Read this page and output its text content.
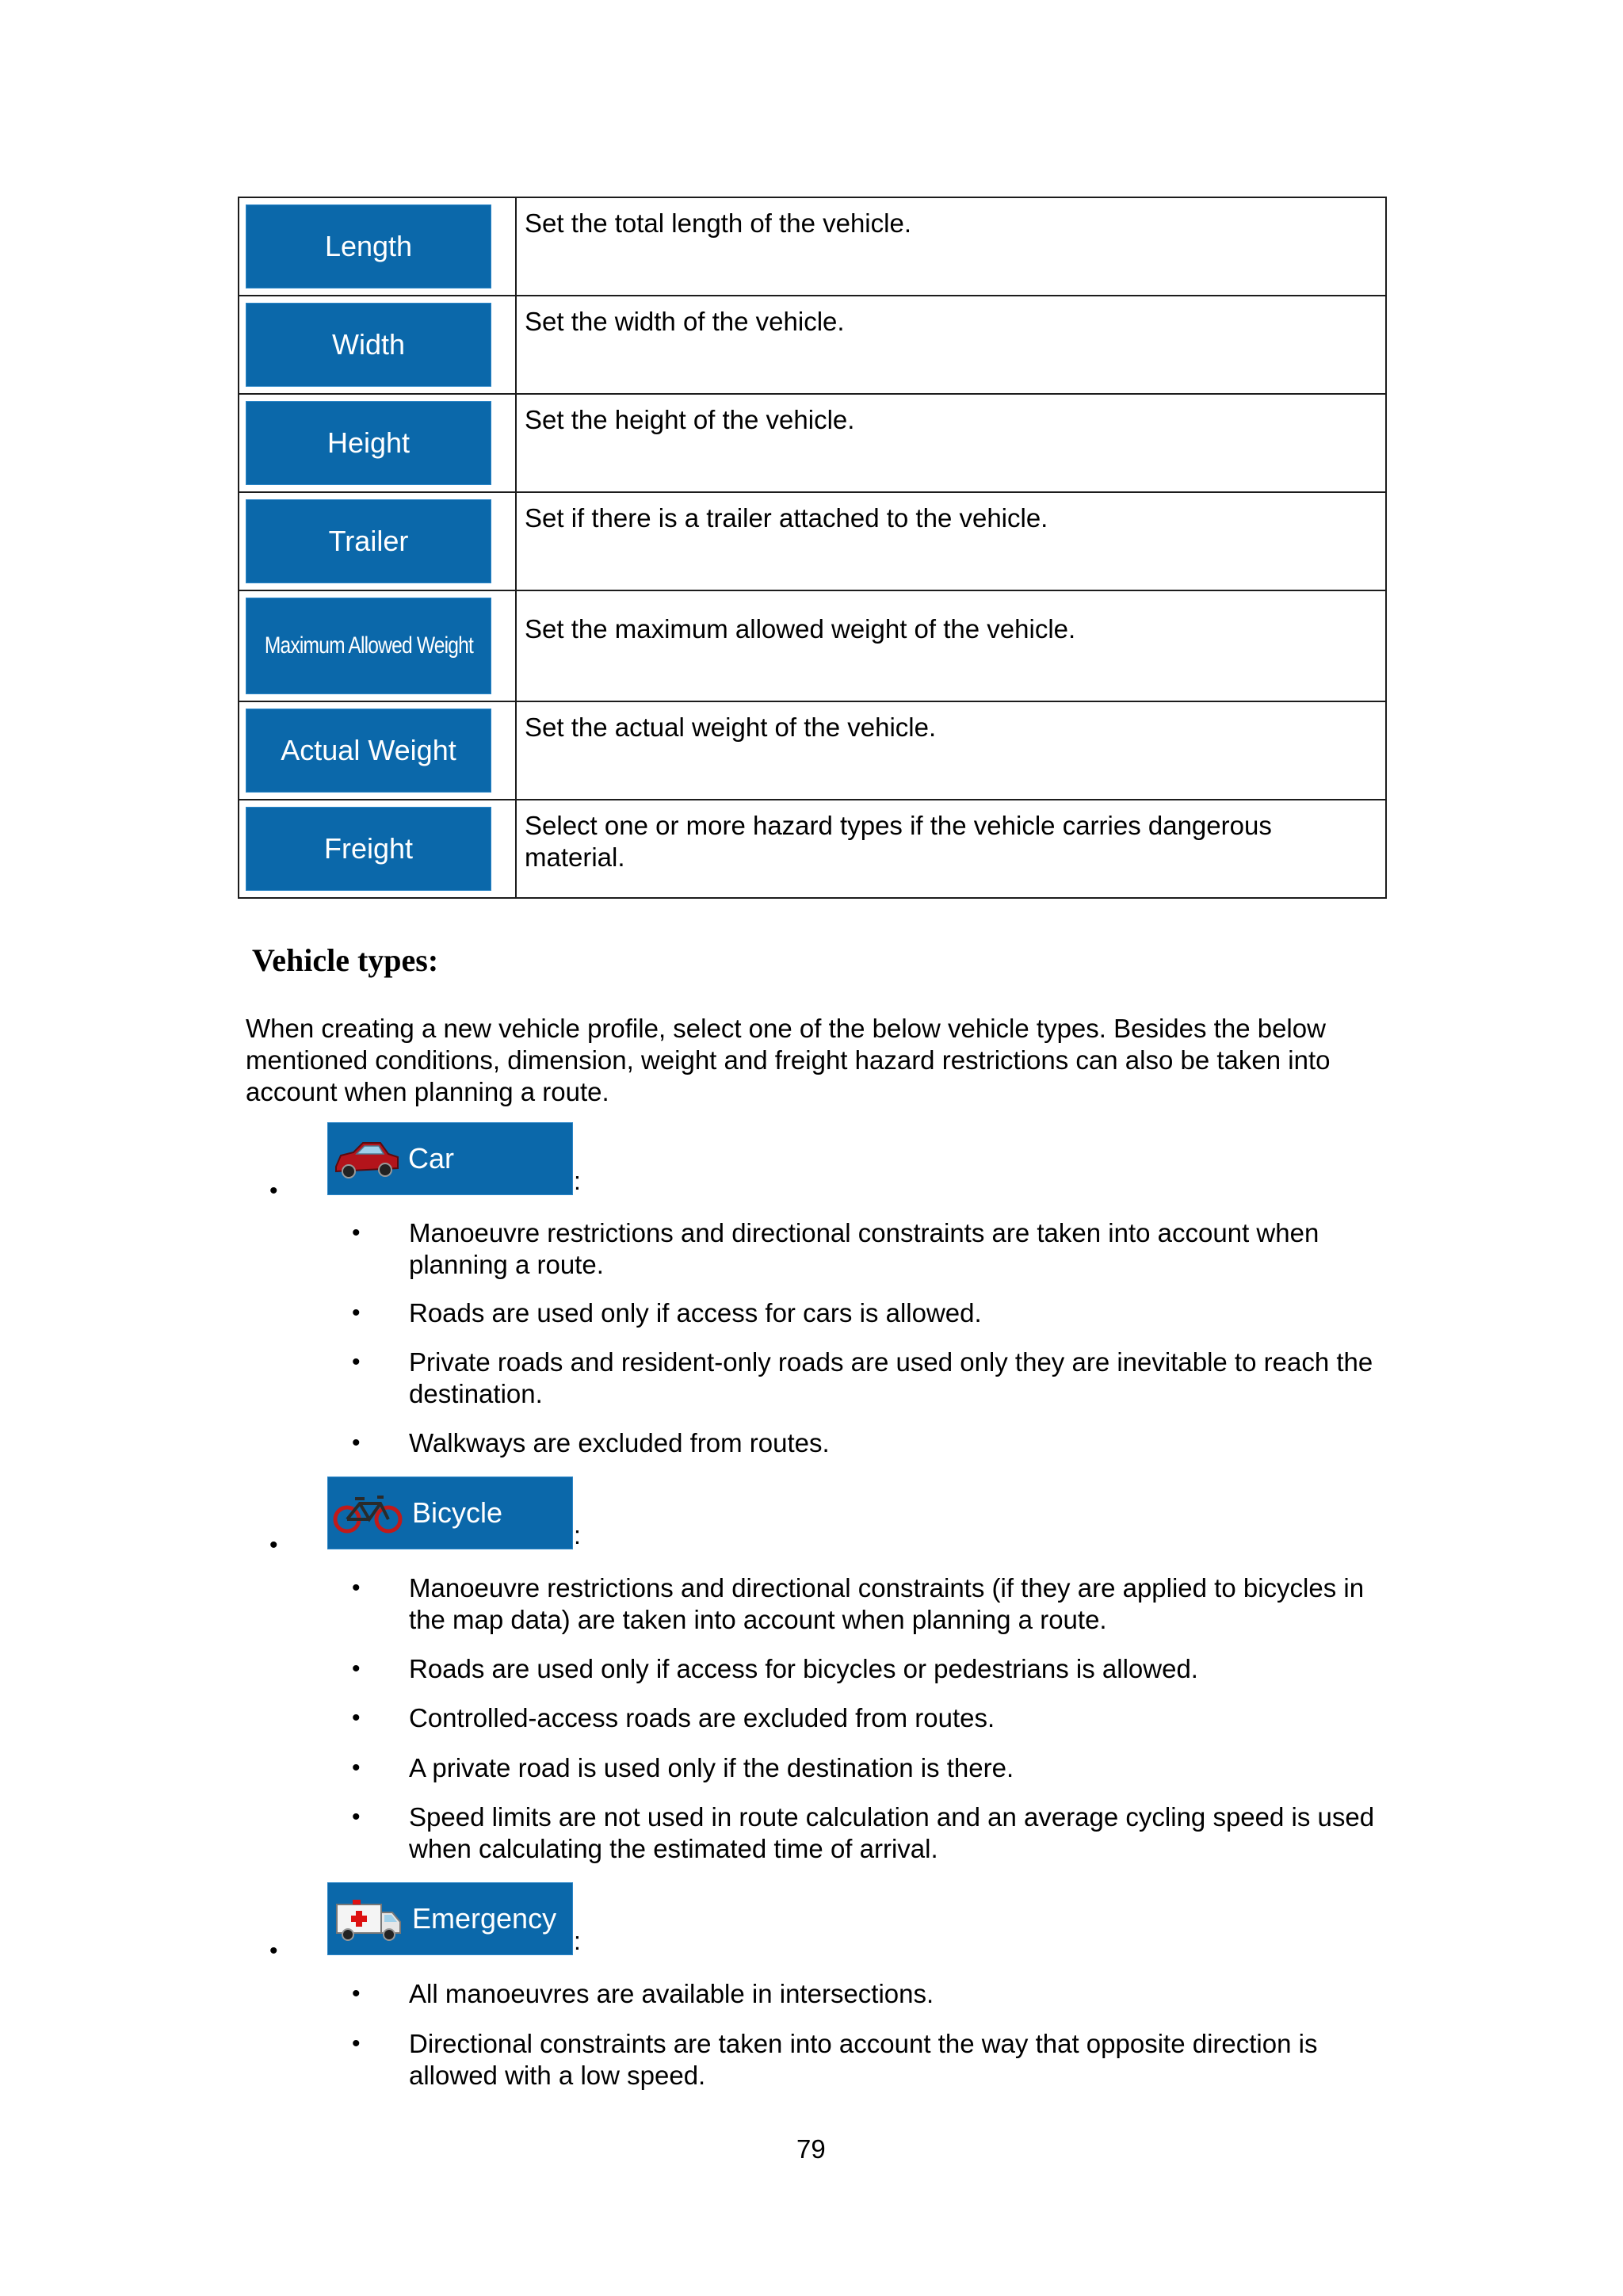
Length	Set the total length of the vehicle.

Width	Set the width of the vehicle.

Height	Set the height of the vehicle.

Trailer	Set if there is a trailer attached to the vehicle.

Maximum Allowed Weight	Set the maximum allowed weight of the vehicle.

Actual Weight	Set the actual weight of the vehicle.

Freight	Select one or more hazard types if the vehicle carries dangerous material.
Vehicle types:
When creating a new vehicle profile, select one of the below vehicle types. Besides the below mentioned conditions, dimension, weight and freight hazard restrictions can also be taken into account when planning a route.
•
Car
:
• Manoeuvre restrictions and directional constraints are taken into account when planning a route.
• Roads are used only if access for cars is allowed.
• Private roads and resident-only roads are used only they are inevitable to reach the destination.
• Walkways are excluded from routes.
•
Bicycle
:
• Manoeuvre restrictions and directional constraints (if they are applied to bicycles in the map data) are taken into account when planning a route.
• Roads are used only if access for bicycles or pedestrians is allowed.
• Controlled-access roads are excluded from routes.
• A private road is used only if the destination is there.
• Speed limits are not used in route calculation and an average cycling speed is used when calculating the estimated time of arrival.
•
Emergency
:
• All manoeuvres are available in intersections.
• Directional constraints are taken into account the way that opposite direction is allowed with a low speed.
79
